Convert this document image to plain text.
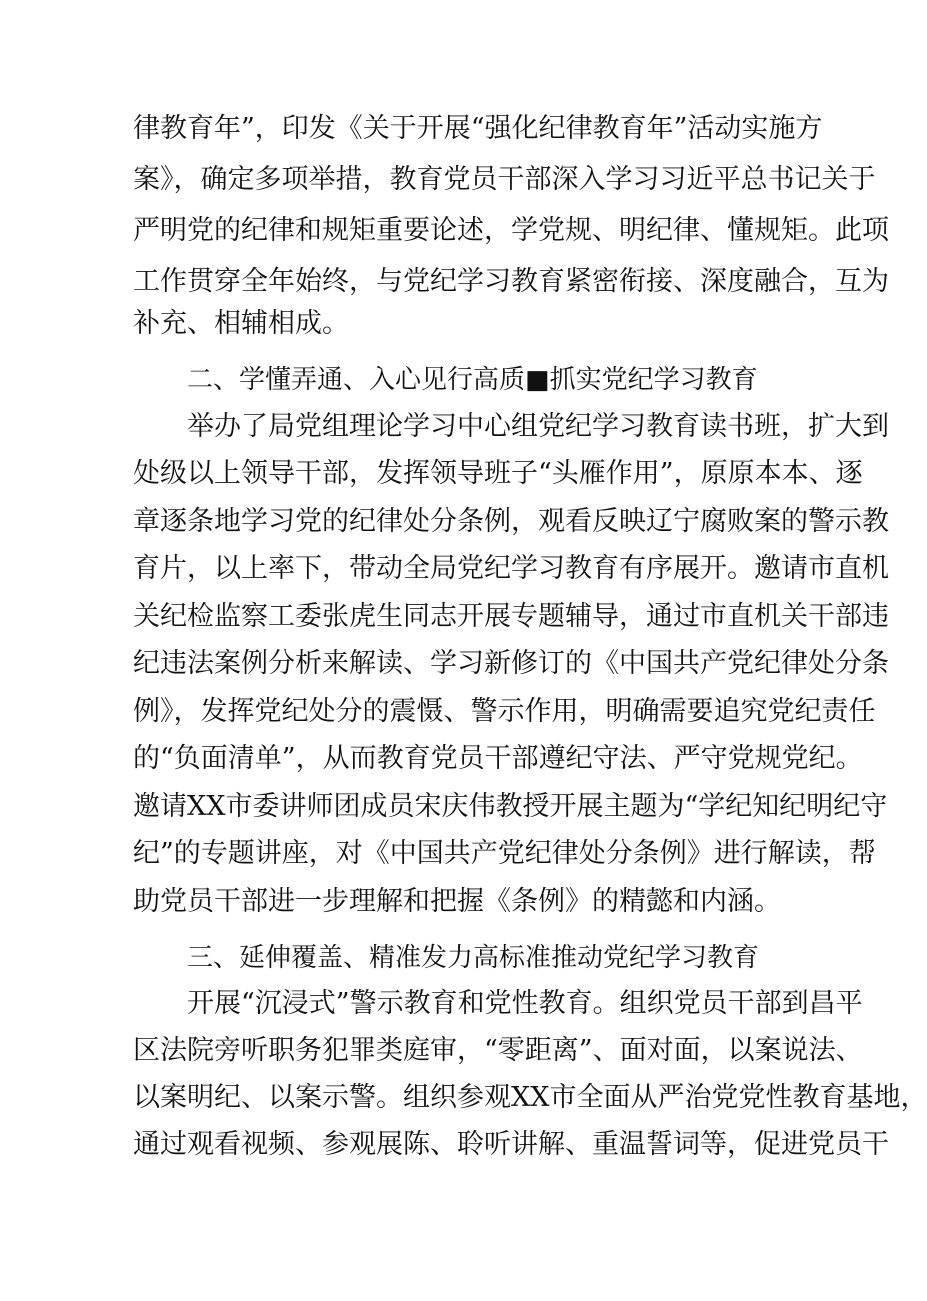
律教育年”，印发《关于开展“强化纪律教育年”活动实施方
案》，确定多项举措，教育党员干部深入学习习近平总书记关于
严明党的纪律和规矩重要论述，学党规、明纪律、懂规矩。此项
工作贯穿全年始终，与党纪学习教育紧密衔接、深度融合，互为
补充、相辅相成。
二、学懂弄通、入心见行高质■抓实党纪学习教育
举办了局党组理论学习中心组党纪学习教育读书班，扩大到
处级以上领导干部，发挥领导班子“头雁作用”，原原本本、逐
章逐条地学习党的纪律处分条例，观看反映辽宁腐败案的警示教
育片，以上率下，带动全局党纪学习教育有序展开。邀请市直机
关纪检监察工委张虎生同志开展专题辅导，通过市直机关干部违
纪违法案例分析来解读、学习新修订的《中国共产党纪律处分条
例》，发挥党纪处分的震慑、警示作用，明确需要追究党纪责任
的“负面清单”，从而教育党员干部遵纪守法、严守党规党纪。
邀请XX市委讲师团成员宋庆伟教授开展主题为“学纪知纪明纪守
纪”的专题讲座，对《中国共产党纪律处分条例》进行解读，帮
助党员干部进一步理解和把握《条例》的精懿和内涵。
三、延伸覆盖、精准发力高标准推动党纪学习教育
开展“沉浸式”警示教育和党性教育。组织党员干部到昌平
区法院旁听职务犯罪类庭审，“零距离”、面对面，以案说法、
以案明纪、以案示警。组织参观XX市全面从严治党党性教育基地，
通过观看视频、参观展陈、聆听讲解、重温誓词等，促进党员干
